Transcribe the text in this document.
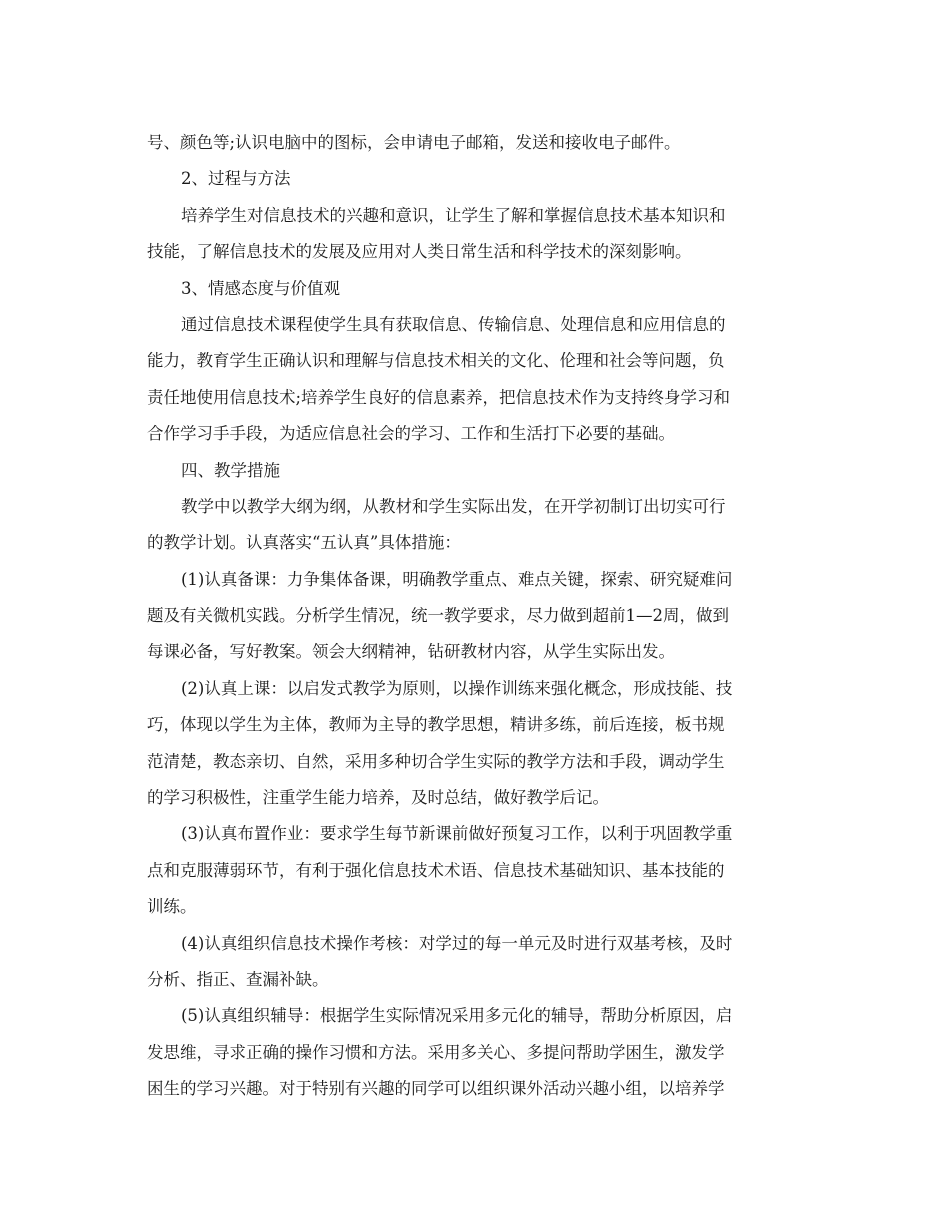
号、颜色等;认识电脑中的图标，会申请电子邮箱，发送和接收电子邮件。
2、过程与方法
培养学生对信息技术的兴趣和意识，让学生了解和掌握信息技术基本知识和
技能，了解信息技术的发展及应用对人类日常生活和科学技术的深刻影响。
3、情感态度与价值观
通过信息技术课程使学生具有获取信息、传输信息、处理信息和应用信息的
能力，教育学生正确认识和理解与信息技术相关的文化、伦理和社会等问题，负
责任地使用信息技术;培养学生良好的信息素养，把信息技术作为支持终身学习和
合作学习手手段，为适应信息社会的学习、工作和生活打下必要的基础。
四、教学措施
教学中以教学大纲为纲，从教材和学生实际出发，在开学初制订出切实可行
的教学计划。认真落实“五认真”具体措施：
(1)认真备课：力争集体备课，明确教学重点、难点关键，探索、研究疑难问
题及有关微机实践。分析学生情况，统一教学要求，尽力做到超前1—2周，做到
每课必备，写好教案。领会大纲精神，钻研教材内容，从学生实际出发。
(2)认真上课：以启发式教学为原则，以操作训练来强化概念，形成技能、技
巧，体现以学生为主体，教师为主导的教学思想，精讲多练，前后连接，板书规
范清楚，教态亲切、自然，采用多种切合学生实际的教学方法和手段，调动学生
的学习积极性，注重学生能力培养，及时总结，做好教学后记。
(3)认真布置作业：要求学生每节新课前做好预复习工作，以利于巩固教学重
点和克服薄弱环节，有利于强化信息技术术语、信息技术基础知识、基本技能的
训练。
(4)认真组织信息技术操作考核：对学过的每一单元及时进行双基考核，及时
分析、指正、查漏补缺。
(5)认真组织辅导：根据学生实际情况采用多元化的辅导，帮助分析原因，启
发思维，寻求正确的操作习惯和方法。采用多关心、多提问帮助学困生，激发学
困生的学习兴趣。对于特别有兴趣的同学可以组织课外活动兴趣小组，以培养学
